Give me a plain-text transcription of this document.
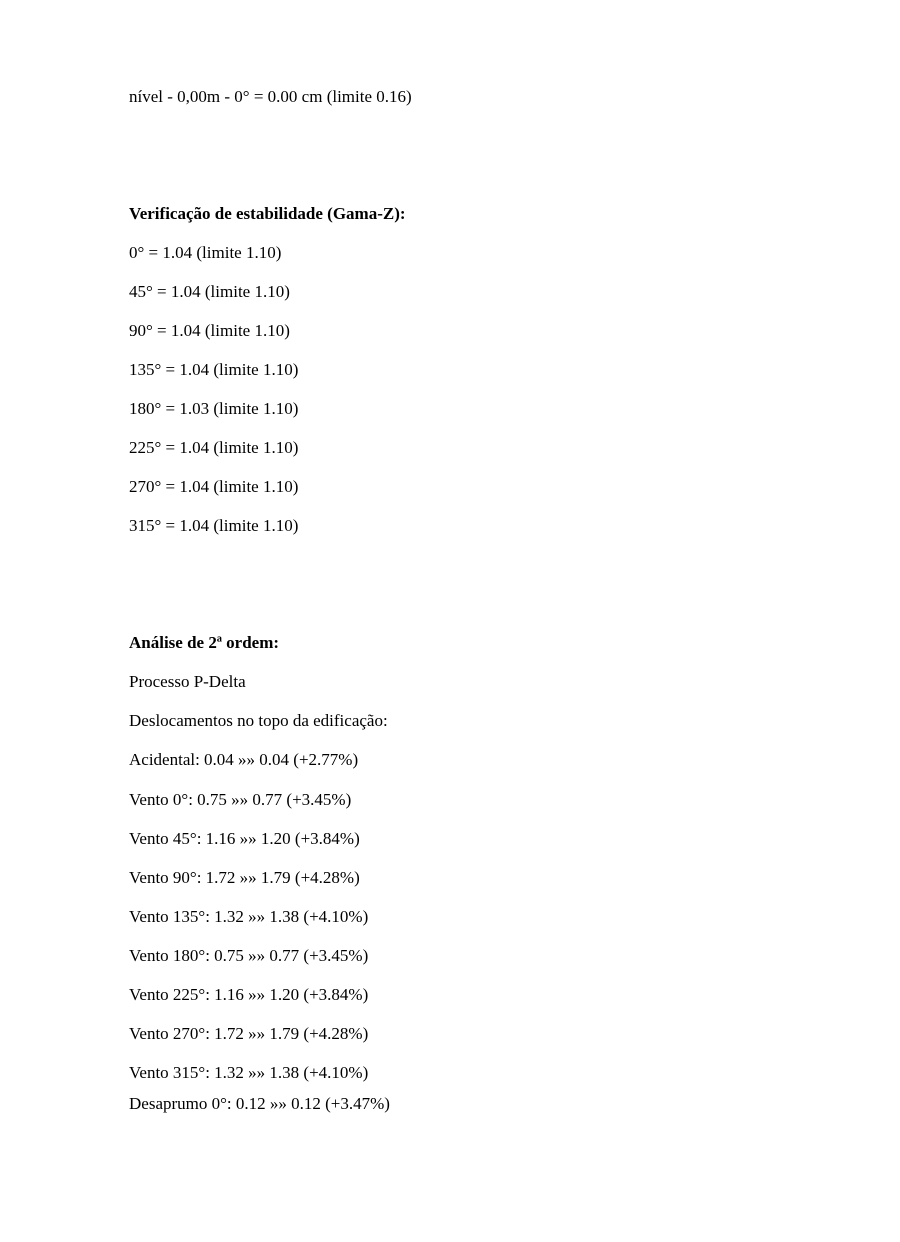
nível - 0,00m - 0° = 0.00 cm (limite 0.16)
Verificação de estabilidade (Gama-Z):
0° = 1.04 (limite 1.10)
45° = 1.04 (limite 1.10)
90° = 1.04 (limite 1.10)
135° = 1.04 (limite 1.10)
180° = 1.03 (limite 1.10)
225° = 1.04 (limite 1.10)
270° = 1.04 (limite 1.10)
315° = 1.04 (limite 1.10)
Análise de 2ª ordem:
Processo P-Delta
Deslocamentos no topo da edificação:
Acidental: 0.04 »» 0.04 (+2.77%)
Vento 0°: 0.75 »» 0.77 (+3.45%)
Vento 45°: 1.16 »» 1.20 (+3.84%)
Vento 90°: 1.72 »» 1.79 (+4.28%)
Vento 135°: 1.32 »» 1.38 (+4.10%)
Vento 180°: 0.75 »» 0.77 (+3.45%)
Vento 225°: 1.16 »» 1.20 (+3.84%)
Vento 270°: 1.72 »» 1.79 (+4.28%)
Vento 315°: 1.32 »» 1.38 (+4.10%)
Desaprumo 0°: 0.12 »» 0.12 (+3.47%)
